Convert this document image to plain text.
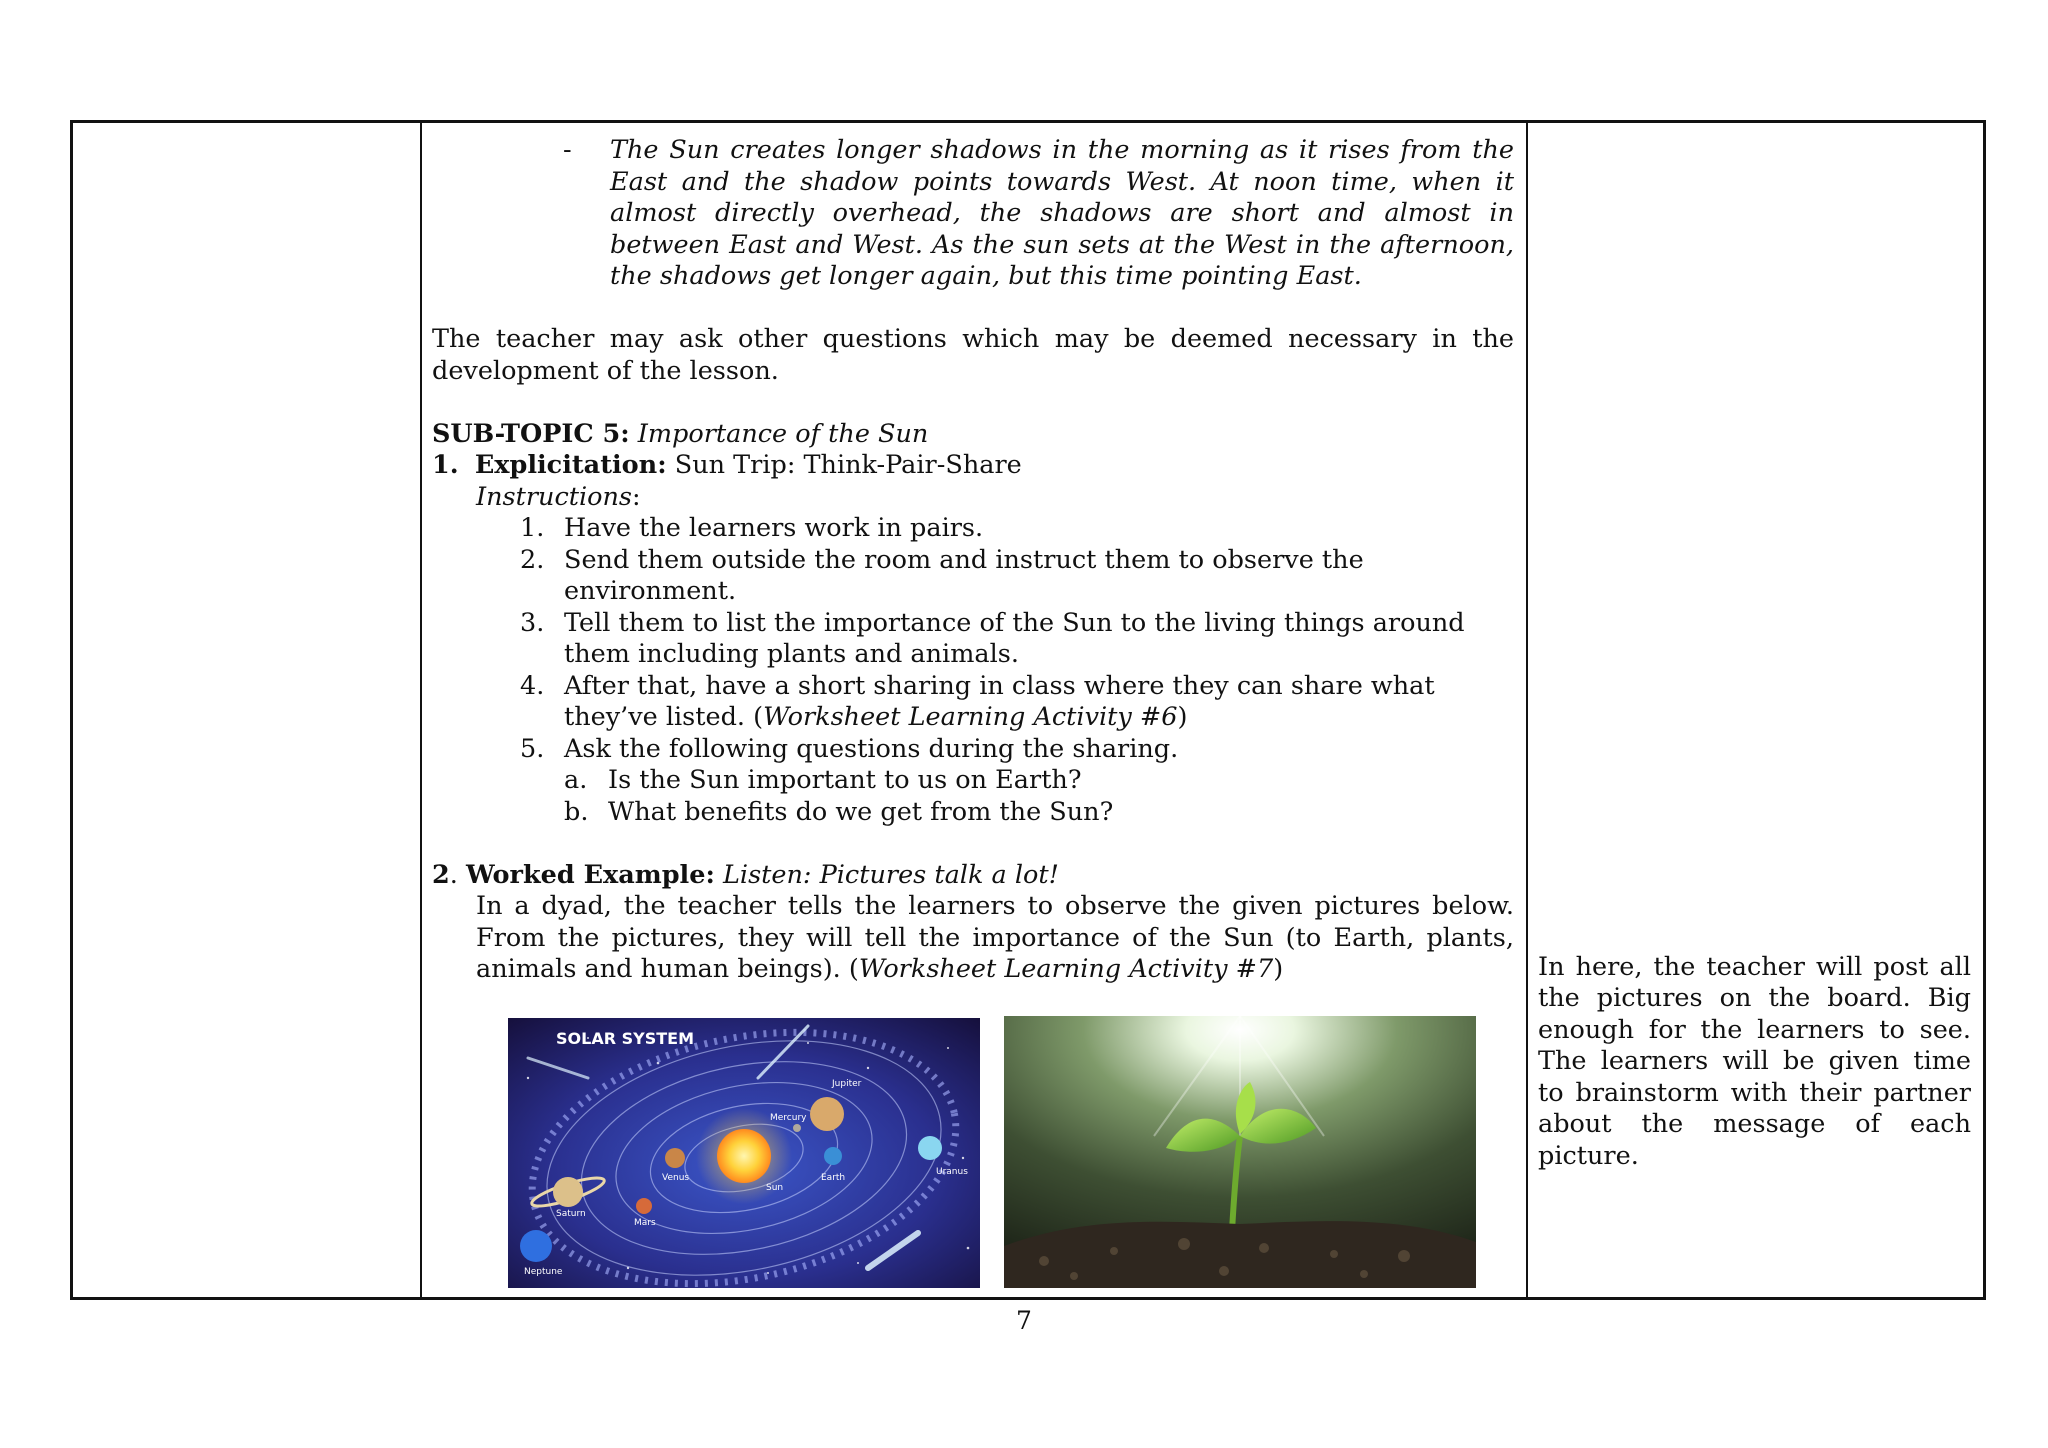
- The Sun creates longer shadows in the morning as it rises from the East and the shadow points towards West. At noon time, when it almost directly overhead, the shadows are short and almost in between East and West. As the sun sets at the West in the afternoon, the shadows get longer again, but this time pointing East.

The teacher may ask other questions which may be deemed necessary in the development of the lesson.

SUB-TOPIC 5: Importance of the Sun

1. Explicitation: Sun Trip: Think-Pair-Share

Instructions:

1. Have the learners work in pairs.

2. Send them outside the room and instruct them to observe the environment.

3. Tell them to list the importance of the Sun to the living things around them including plants and animals.

4. After that, have a short sharing in class where they can share what they’ve listed. (Worksheet Learning Activity #6)

5. Ask the following questions during the sharing.

a. Is the Sun important to us on Earth?

b. What benefits do we get from the Sun?

2. Worked Example: Listen: Pictures talk a lot!

In a dyad, the teacher tells the learners to observe the given pictures below. From the pictures, they will tell the importance of the Sun (to Earth, plants, animals and human beings). (Worksheet Learning Activity #7)

Jupiter
Mercury
Venus
Sun
Earth
Uranus
Saturn
Mars
Neptune
SOLAR SYSTEM

In here, the teacher will post all the pictures on the board. Big enough for the learners to see. The learners will be given time to brainstorm with their partner about the message of each picture.

7
